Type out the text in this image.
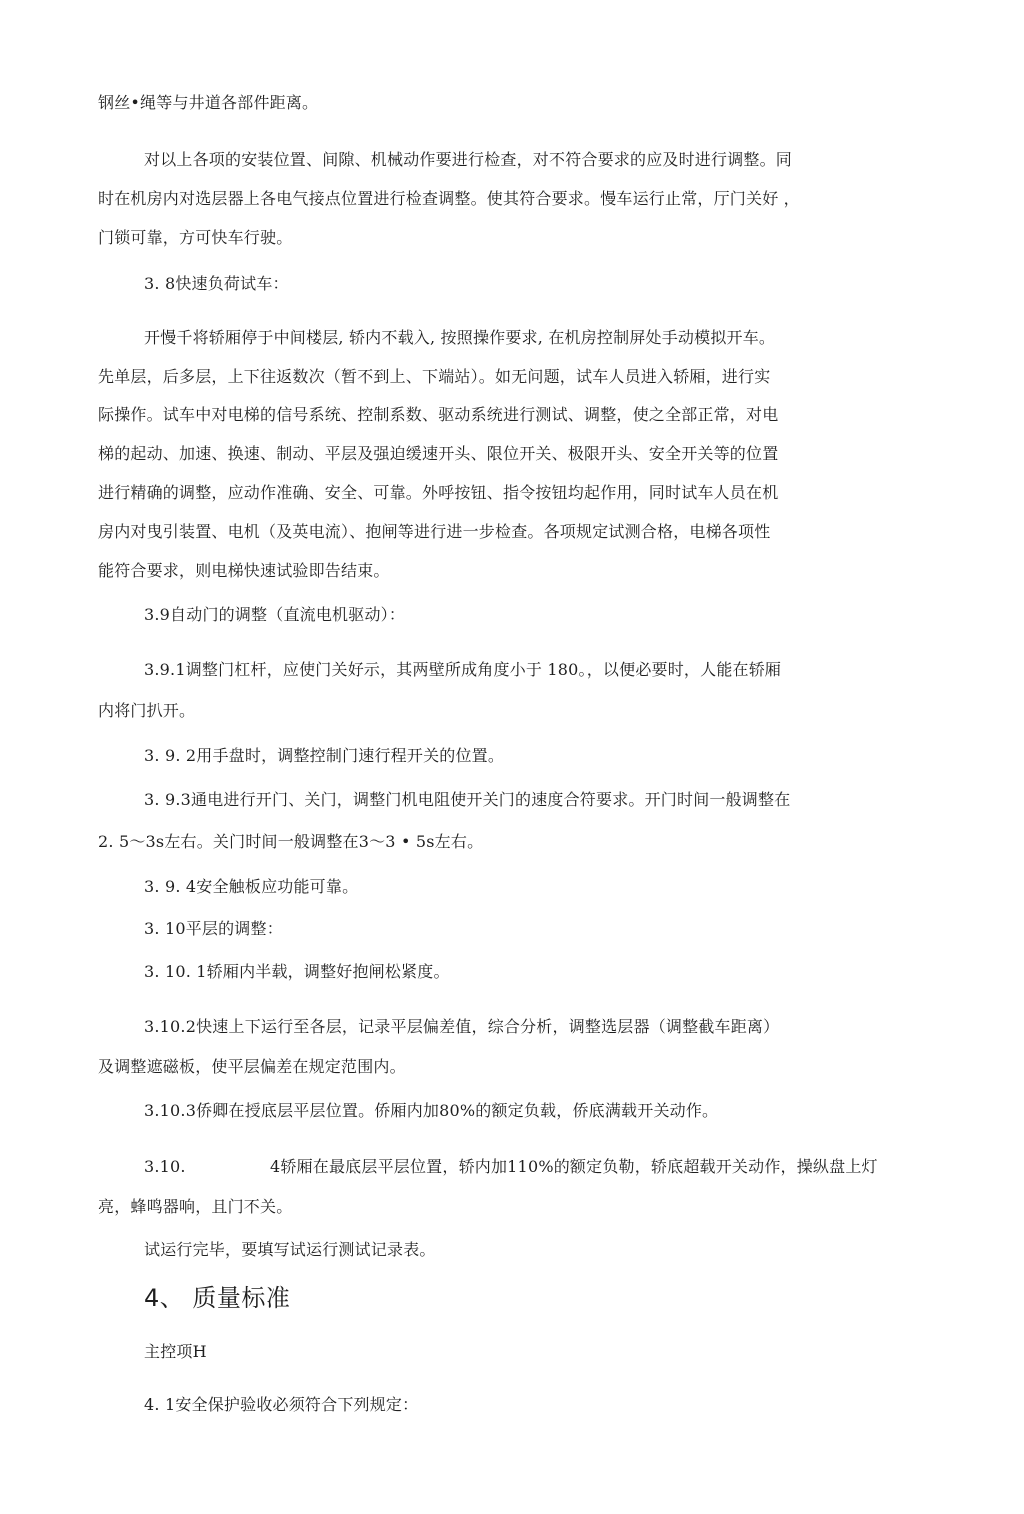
钢丝•绳等与井道各部件距离。
对以上各项的安装位置、间隙、机械动作要进行检查，对不符合要求的应及时进行调整。同
时在机房内对选层器上各电气接点位置进行检查调整。使其符合要求。慢车运行止常，厅门关好 ，
门锁可靠，方可快车行驶。
3. 8快速负荷试车：
开慢千将轿厢停于中间楼层, 轿内不载入, 按照操作要求, 在机房控制屏处手动模拟开车。
先单层，后多层，上下往返数次（暂不到上、下端站）。如无问题，试车人员进入轿厢，进行实
际操作。试车中对电梯的信号系统、控制系数、驱动系统进行测试、调整，使之全部正常，对电
梯的起动、加速、换速、制动、平层及强迫缓速开头、限位开关、极限开头、安全开关等的位置
进行精确的调整，应动作准确、安全、可靠。外呼按钮、指令按钮均起作用，同时试车人员在机
房内对曳引装置、电机（及英电流）、抱闸等进行进一步检查。各项规定试测合格，电梯各项性
能符合要求，则电梯快速试验即告结束。
3.9自动门的调整（直流电机驱动）：
3.9.1调整门杠杆，应使门关好示，其两壁所成角度小于 180。，以便必要时，人能在轿厢
内将门扒开。
3. 9. 2用手盘时，调整控制门速行程开关的位置。
3. 9.3通电进行开门、关门，调整门机电阻使开关门的速度合符要求。开门时间一般调整在
2. 5〜3s左右。关门时间一般调整在3〜3 • 5s左右。
3. 9. 4安全触板应功能可靠。
3. 10平层的调整：
3. 10. 1轿厢内半载，调整好抱闸松紧度。
3.10.2快速上下运行至各层，记录平层偏差值，综合分析，调整选层器（调整截车距离）
及调整遮磁板，使平层偏差在规定范围内。
3.10.3侨卿在授底层平层位置。侨厢内加80%的额定负载，侨底满载开关动作。
3.10.	4轿厢在最底层平层位置，轿内加110%的额定负勒，轿底超载开关动作，操纵盘上灯
亮，蜂鸣器响，且门不关。
试运行完毕，要填写试运行测试记录表。
4、 质量标准
主控项H
4. 1安全保护验收必须符合下列规定：
